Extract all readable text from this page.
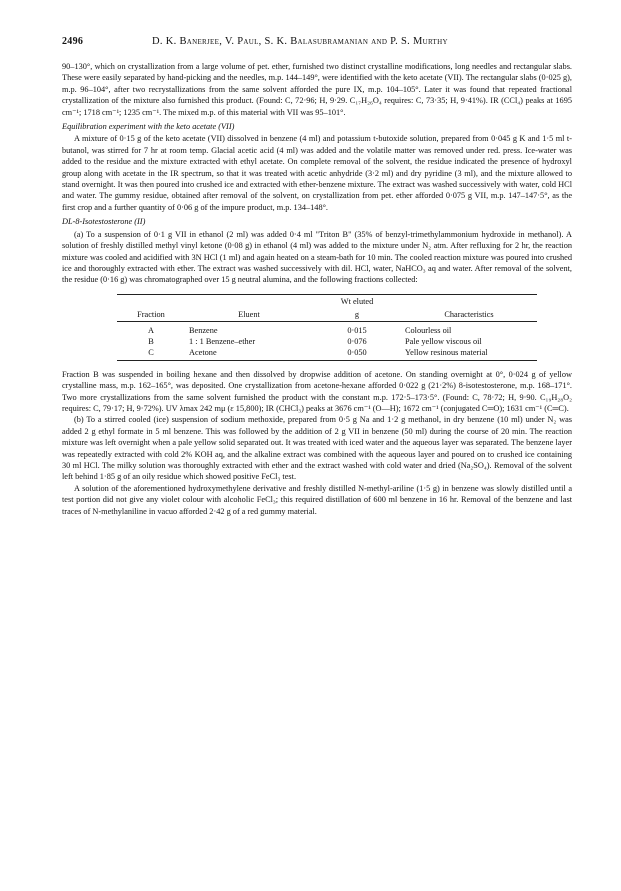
2496	D. K. Banerjee, V. Paul, S. K. Balasubramanian and P. S. Murthy

90–130°, which on crystallization from a large volume of pet. ether, furnished two distinct crystalline modifications, long needles and rectangular slabs. These were easily separated by hand-picking and the needles, m.p. 144–149°, were identified with the keto acetate (VII). The rectangular slabs (0·025 g), m.p. 96–104°, after two recrystallizations from the same solvent afforded the pure IX, m.p. 104–105°. Later it was found that repeated fractional crystallization of the mixture also furnished this product. (Found: C, 72·96; H, 9·29. C₁₇H₂₆O₄ requires: C, 73·35; H, 9·41%). IR (CCl₄) peaks at 1695 cm⁻¹; 1718 cm⁻¹; 1235 cm⁻¹. The mixed m.p. of this material with VII was 95–101°.

Equilibration experiment with the keto acetate (VII)

A mixture of 0·15 g of the keto acetate (VII) dissolved in benzene (4 ml) and potassium t-butoxide solution, prepared from 0·045 g K and 1·5 ml t-butanol, was stirred for 7 hr at room temp. Glacial acetic acid (4 ml) was added and the volatile matter was removed under red. press. Ice-water was added to the residue and the mixture extracted with ethyl acetate. On complete removal of the solvent, the residue indicated the presence of hydroxyl group along with acetate in the IR spectrum, so that it was treated with acetic anhydride (3·2 ml) and dry pyridine (3 ml), and the mixture allowed to stand overnight. It was then poured into crushed ice and extracted with ether-benzene mixture. The extract was washed successively with water, cold HCl and water. The gummy residue, obtained after removal of the solvent, on crystallization from pet. ether afforded 0·075 g VII, m.p. 147–147·5°, as the first crop and a further quantity of 0·06 g of the impure product, m.p. 134–148°.

DL-8-Isotestosterone (II)

(a) To a suspension of 0·1 g VII in ethanol (2 ml) was added 0·4 ml "Triton B" (35% of benzyl-trimethylammonium hydroxide in methanol). A solution of freshly distilled methyl vinyl ketone (0·08 g) in ethanol (4 ml) was added to the mixture under N₂ atm. After refluxing for 2 hr, the reaction mixture was cooled and acidified with 3N HCl (1 ml) and again heated on a steam-bath for 10 min. The cooled reaction mixture was poured into crushed ice and thoroughly extracted with ether. The extract was washed successively with dil. HCl, water, NaHCO₃ aq and water. After removal of the solvent, the residue (0·16 g) was chromatographed over 15 g neutral alumina, and the following fractions collected:

		Wt eluted	
Fraction	Eluent	g	Characteristics
A	Benzene	0·015	Colourless oil
B	1 : 1 Benzene–ether	0·076	Pale yellow viscous oil
C	Acetone	0·050	Yellow resinous material

Fraction B was suspended in boiling hexane and then dissolved by dropwise addition of acetone. On standing overnight at 0°, 0·024 g of yellow crystalline mass, m.p. 162–165°, was deposited. One crystallization from acetone-hexane afforded 0·022 g (21·2%) 8-isotestosterone, m.p. 168–171°. Two more crystallizations from the same solvent furnished the product with the constant m.p. 172·5–173·5°. (Found: C, 78·72; H, 9·90. C₁₉H₂₈O₂ requires: C, 79·17; H, 9·72%). UV λmax 242 mμ (ε 15,800); IR (CHCl₃) peaks at 3676 cm⁻¹ (O—H); 1672 cm⁻¹ (conjugated C═O); 1631 cm⁻¹ (C═C).

(b) To a stirred cooled (ice) suspension of sodium methoxide, prepared from 0·5 g Na and 1·2 g methanol, in dry benzene (10 ml) under N₂ was added 2 g ethyl formate in 5 ml benzene. This was followed by the addition of 2 g VII in benzene (50 ml) during the course of 20 min. The reaction mixture was left overnight when a pale yellow solid separated out. It was treated with iced water and the aqueous layer was separated. The benzene layer was repeatedly extracted with cold 2% KOH aq, and the alkaline extract was combined with the aqueous layer and poured on to crushed ice containing 30 ml HCl. The milky solution was thoroughly extracted with ether and the extract washed with cold water and dried (Na₂SO₄). Removal of the solvent left behind 1·85 g of an oily residue which showed positive FeCl₃ test.

A solution of the aforementioned hydroxymethylene derivative and freshly distilled N-methyl-ariline (1·5 g) in benzene was slowly distilled until a test portion did not give any violet colour with alcoholic FeCl₃; this required distillation of 600 ml benzene in 16 hr. Removal of the benzene and last traces of N-methylaniline in vacuo afforded 2·42 g of a red gummy material.
